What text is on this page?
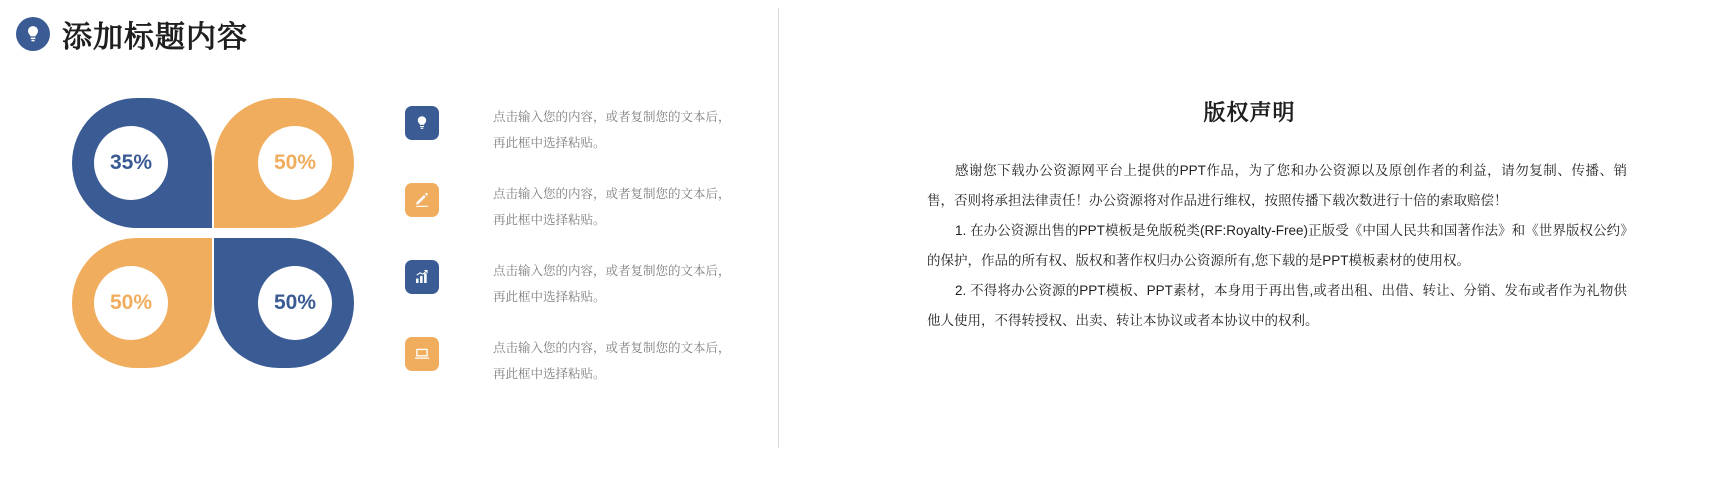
添加标题内容
35%	50%
50%	50%
点击输入您的内容，或者复制您的文本后，再此框中选择粘贴。
点击输入您的内容，或者复制您的文本后，再此框中选择粘贴。
点击输入您的内容，或者复制您的文本后，再此框中选择粘贴。
点击输入您的内容，或者复制您的文本后，再此框中选择粘贴。
版权声明

感谢您下载办公资源网平台上提供的PPT作品，为了您和办公资源以及原创作者的利益，请勿复制、传播、销售，否则将承担法律责任！办公资源将对作品进行维权，按照传播下载次数进行十倍的索取赔偿！

1. 在办公资源出售的PPT模板是免版税类(RF:Royalty-Free)正版受《中国人民共和国著作法》和《世界版权公约》的保护，作品的所有权、版权和著作权归办公资源所有,您下载的是PPT模板素材的使用权。

2. 不得将办公资源的PPT模板、PPT素材，本身用于再出售,或者出租、出借、转让、分销、发布或者作为礼物供他人使用，不得转授权、出卖、转让本协议或者本协议中的权利。
